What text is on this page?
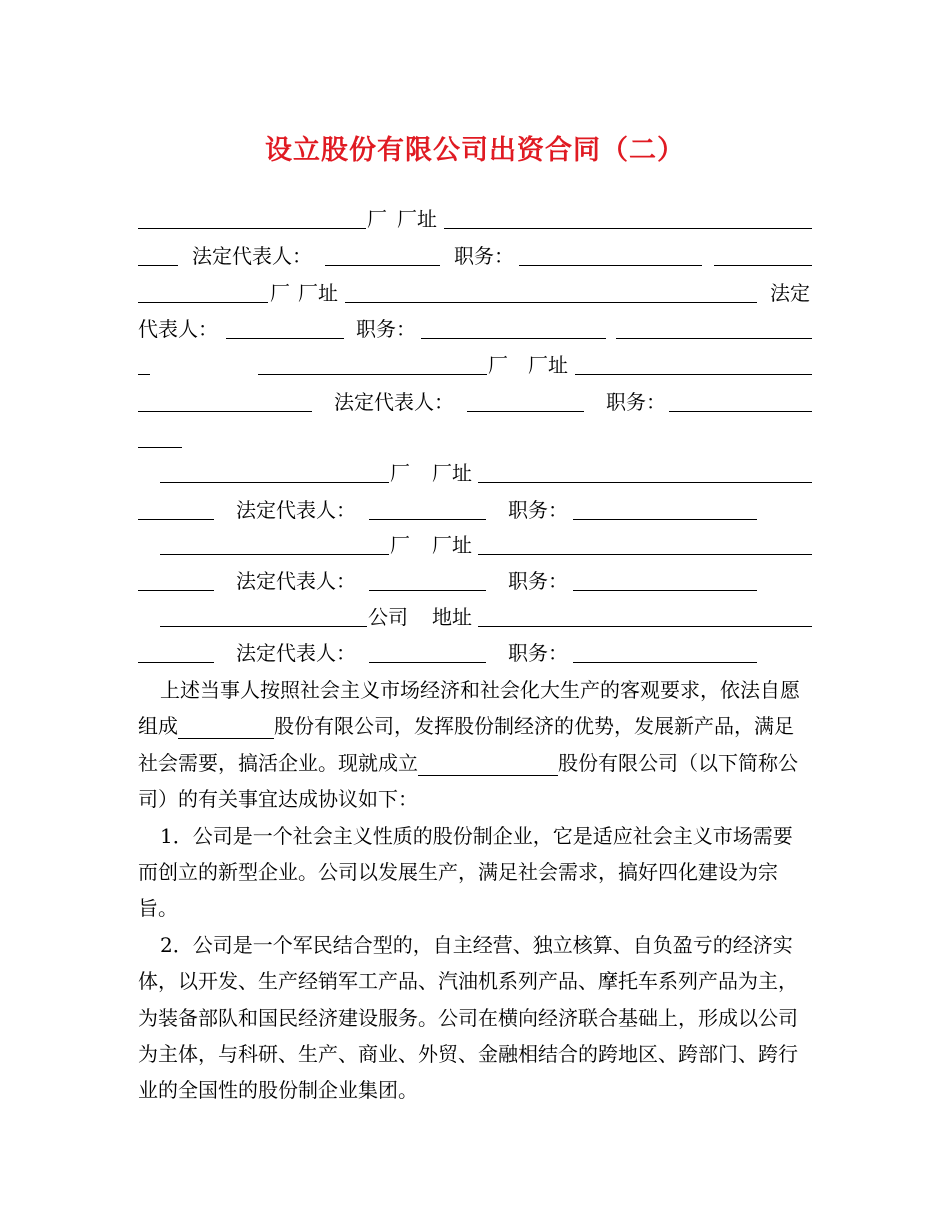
设立股份有限公司出资合同（二）
厂 厂址
法定代表人：	职务：
厂 厂址	法定
代表人：	职务：
厂 厂址
法定代表人：	职务：
厂 厂址
法定代表人：	职务：
厂 厂址
法定代表人：	职务：
公司 地址
法定代表人：	职务：

上述当事人按照社会主义市场经济和社会化大生产的客观要求，依法自愿组成	股份有限公司，发挥股份制经济的优势，发展新产品，满足社会需要，搞活企业。现就成立	股份有限公司（以下简称公司）的有关事宜达成协议如下：

1．公司是一个社会主义性质的股份制企业，它是适应社会主义市场需要而创立的新型企业。公司以发展生产，满足社会需求，搞好四化建设为宗旨。

2．公司是一个军民结合型的，自主经营、独立核算、自负盈亏的经济实体，以开发、生产经销军工产品、汽油机系列产品、摩托车系列产品为主，为装备部队和国民经济建设服务。公司在横向经济联合基础上，形成以公司为主体，与科研、生产、商业、外贸、金融相结合的跨地区、跨部门、跨行业的全国性的股份制企业集团。
